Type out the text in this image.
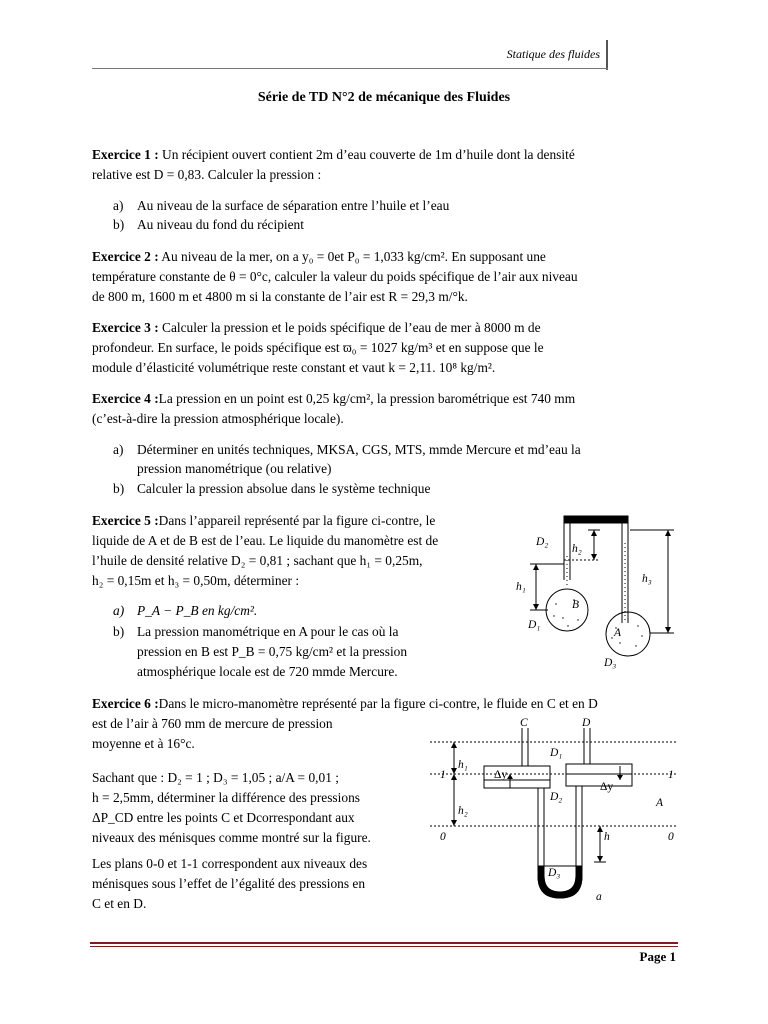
Statique des fluides
Série de TD N°2 de mécanique des Fluides
Exercice 1 : Un récipient ouvert contient 2m d’eau couverte de 1m d’huile dont la densité
relative est D = 0,83. Calculer la pression :
a) Au niveau de la surface de séparation entre l’huile et l’eau
b) Au niveau du fond du récipient
Exercice 2 : Au niveau de la mer, on a y₀ = 0et P₀ = 1,033 kg/cm². En supposant une
température constante de θ = 0°c, calculer la valeur du poids spécifique de l’air aux niveau
de 800 m, 1600 m et 4800 m si la constante de l’air est R = 29,3 m/°k.
Exercice 3 : Calculer la pression et le poids spécifique de l’eau de mer à 8000 m de
profondeur. En surface, le poids spécifique est ϖ₀ = 1027 kg/m³ et en suppose que le
module d’élasticité volumétrique reste constant et vaut k = 2,11. 10⁸ kg/m².
Exercice 4 :La pression en un point est 0,25 kg/cm², la pression barométrique est 740 mm
(c’est-à-dire la pression atmosphérique locale).
a) Déterminer en unités techniques, MKSA, CGS, MTS, mmde Mercure et md’eau la
pression manométrique (ou relative)
b) Calculer la pression absolue dans le système technique
Exercice 5 :Dans l’appareil représenté par la figure ci-contre, le
liquide de A et de B est de l’eau. Le liquide du manomètre est de
l’huile de densité relative D₂ = 0,81 ; sachant que h₁ = 0,25m,
h₂ = 0,15m et h₃ = 0,50m, déterminer :
a) P_A − P_B en kg/cm².
b) La pression manométrique en A pour le cas où la
pression en B est P_B = 0,75 kg/cm² et la pression
atmosphérique locale est de 720 mmde Mercure.
D₂
h₂
h₁
h₃
B
A
D₁
D₃
Exercice 6 :Dans le micro-manomètre représenté par la figure ci-contre, le fluide en C et en D
est de l’air à 760 mm de mercure de pression
moyenne et à 16°c.
Sachant que : D₂ = 1 ; D₃ = 1,05 ; a/A = 0,01 ;
h = 2,5mm, déterminer la différence des pressions
ΔP_CD entre les points C et Dcorrespondant aux
niveaux des ménisques comme montré sur la figure.
Les plans 0-0 et 1-1 correspondent aux niveaux des
ménisques sous l’effet de l’égalité des pressions en
C et en D.
C	D
D₁
h₁
h₂
Δy
Δy
D₂
h
D₃
1	1
0	0
A
a
Page 1
